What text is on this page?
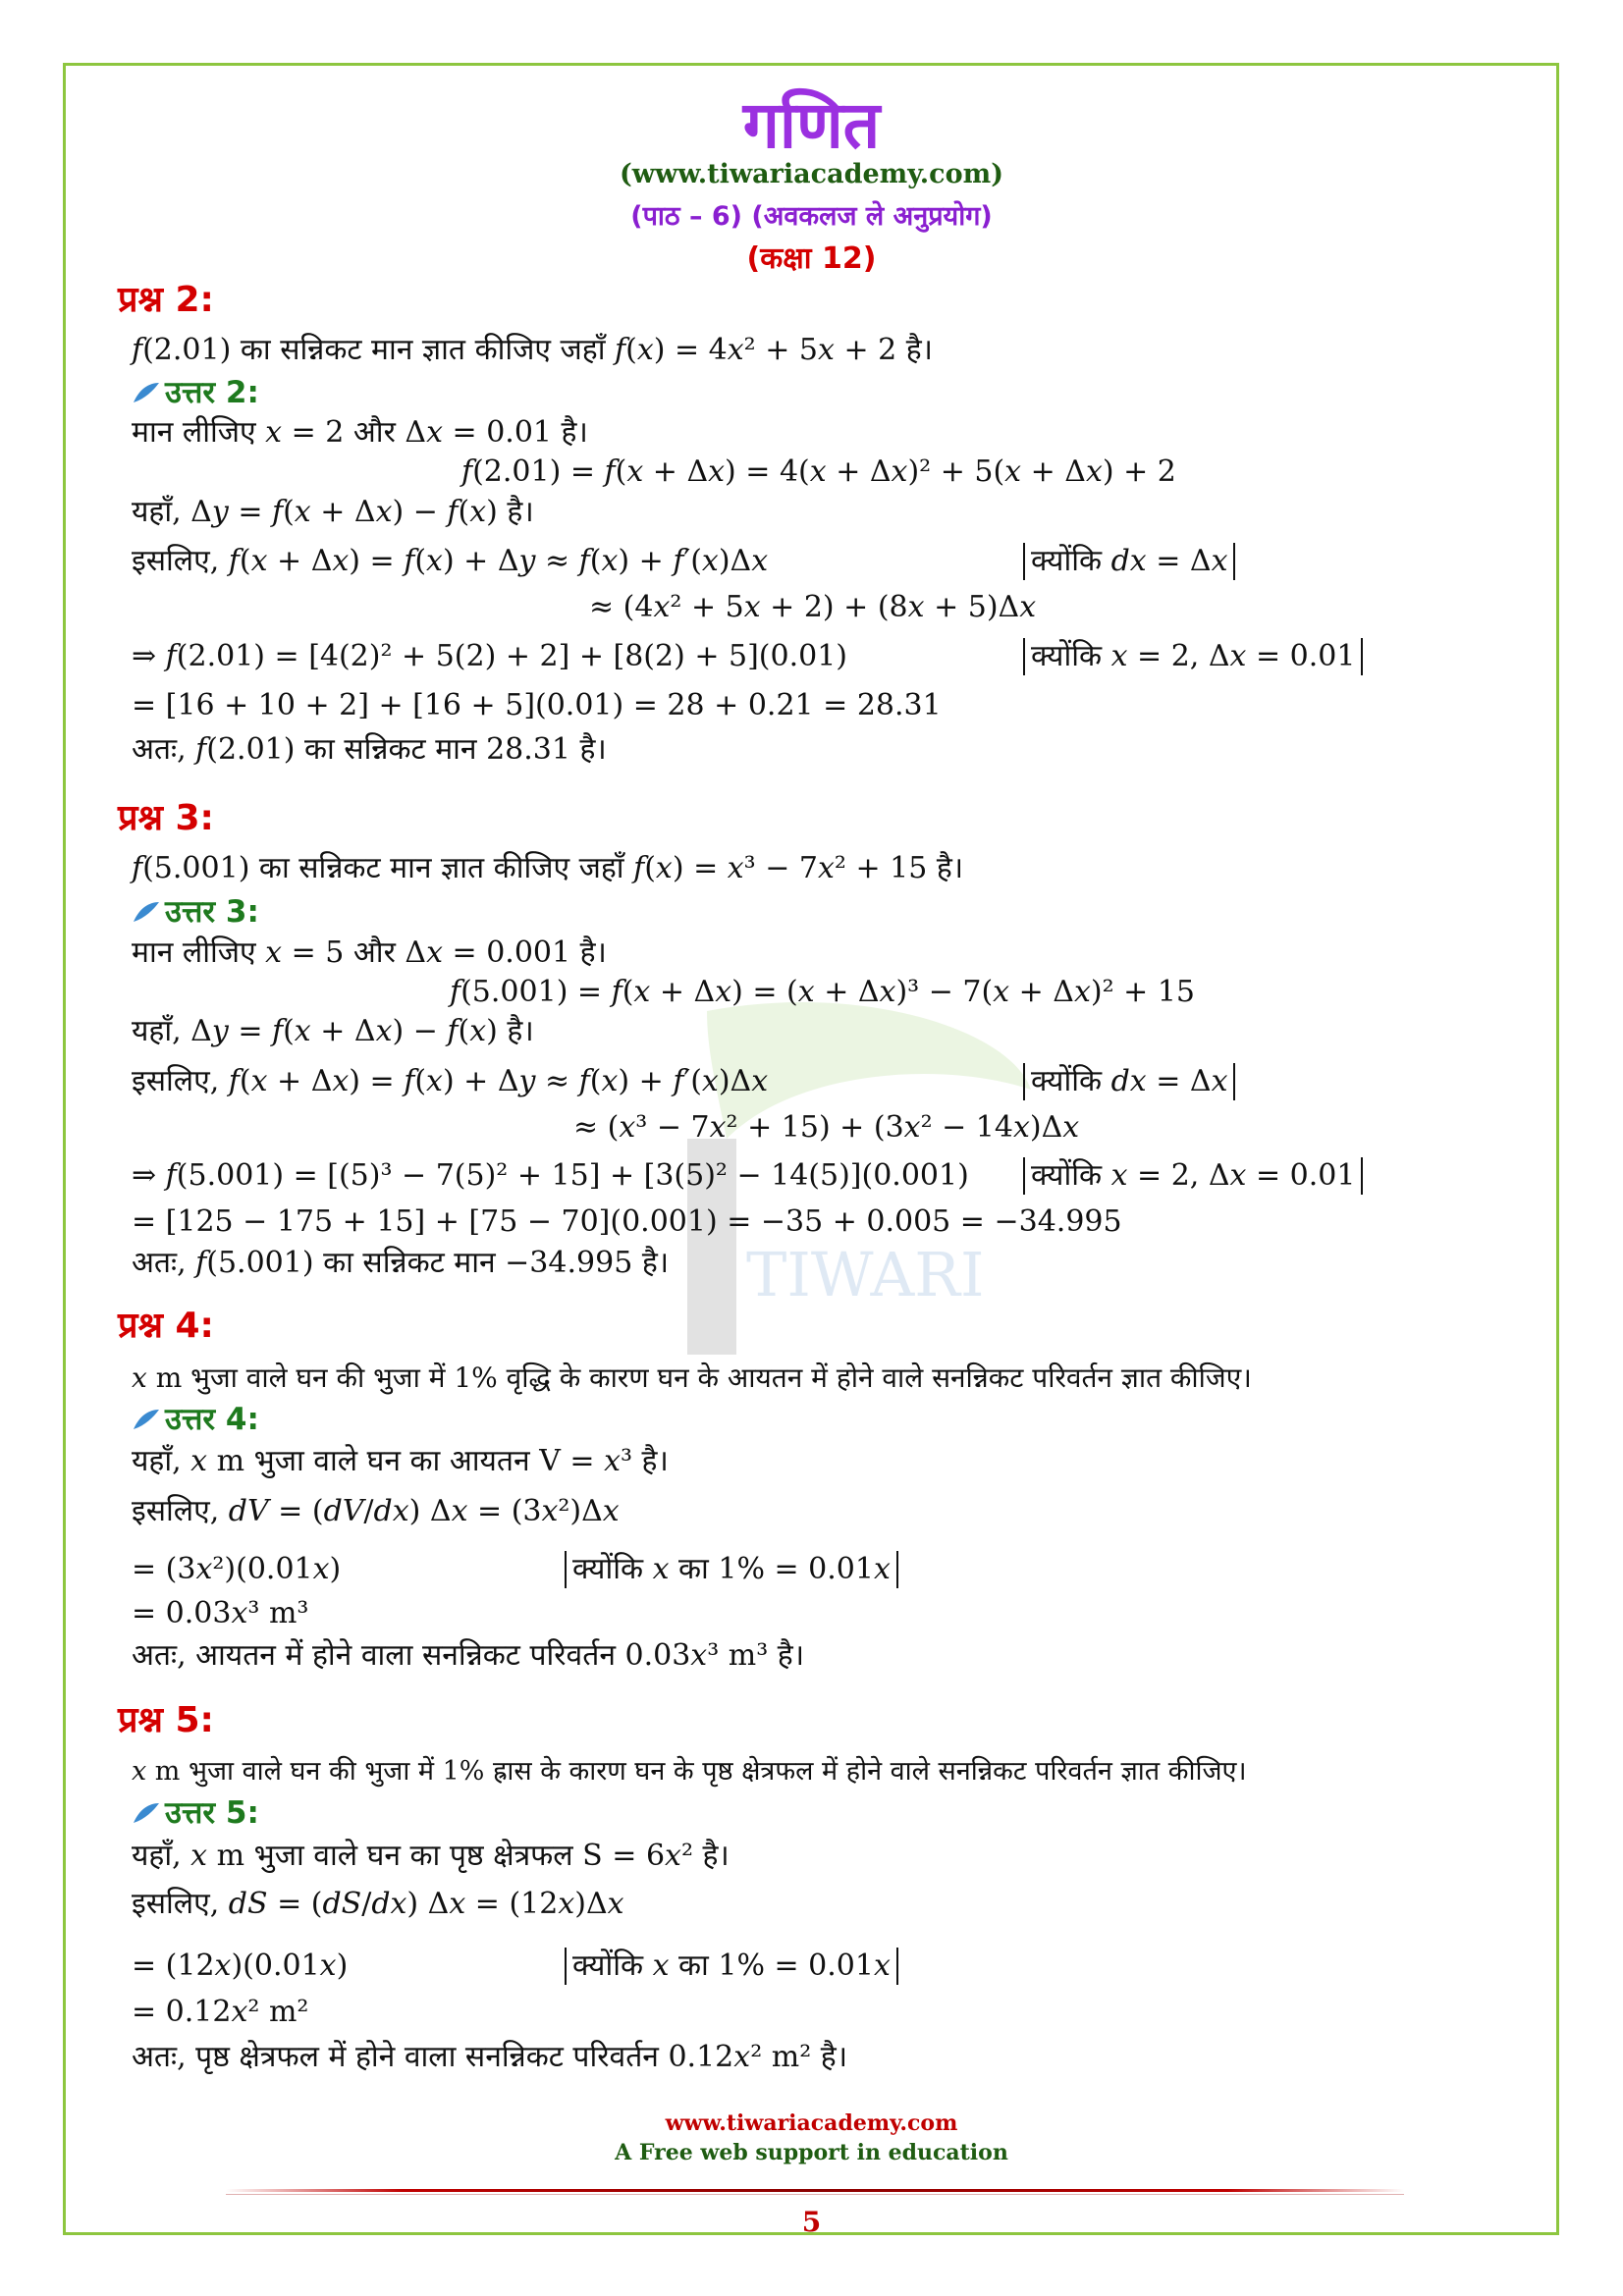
TIWARI
गणित
(www.tiwariacademy.com)
(पाठ – 6) (अवकलज ले अनुप्रयोग)
(कक्षा 12)
प्रश्न 2:
𝑓(2.01) का सन्निकट मान ज्ञात कीजिए जहाँ 𝑓(𝑥) = 4𝑥² + 5𝑥 + 2 है।
उत्तर 2:
मान लीजिए 𝑥 = 2 और Δ𝑥 = 0.01 है।
𝑓(2.01) = 𝑓(𝑥 + Δ𝑥) = 4(𝑥 + Δ𝑥)² + 5(𝑥 + Δ𝑥) + 2
यहाँ, Δ𝑦 = 𝑓(𝑥 + Δ𝑥) − 𝑓(𝑥) है।
इसलिए, 𝑓(𝑥 + Δ𝑥) = 𝑓(𝑥) + Δ𝑦 ≈ 𝑓(𝑥) + 𝑓′(𝑥)Δ𝑥	क्योंकि 𝑑𝑥 = Δ𝑥
≈ (4𝑥² + 5𝑥 + 2) + (8𝑥 + 5)Δ𝑥
⇒ 𝑓(2.01) = [4(2)² + 5(2) + 2] + [8(2) + 5](0.01)	क्योंकि 𝑥 = 2, Δ𝑥 = 0.01
= [16 + 10 + 2] + [16 + 5](0.01) = 28 + 0.21 = 28.31
अतः, 𝑓(2.01) का सन्निकट मान 28.31 है।
प्रश्न 3:
𝑓(5.001) का सन्निकट मान ज्ञात कीजिए जहाँ 𝑓(𝑥) = 𝑥³ − 7𝑥² + 15 है।
उत्तर 3:
मान लीजिए 𝑥 = 5 और Δ𝑥 = 0.001 है।
𝑓(5.001) = 𝑓(𝑥 + Δ𝑥) = (𝑥 + Δ𝑥)³ − 7(𝑥 + Δ𝑥)² + 15
यहाँ, Δ𝑦 = 𝑓(𝑥 + Δ𝑥) − 𝑓(𝑥) है।
इसलिए, 𝑓(𝑥 + Δ𝑥) = 𝑓(𝑥) + Δ𝑦 ≈ 𝑓(𝑥) + 𝑓′(𝑥)Δ𝑥	क्योंकि 𝑑𝑥 = Δ𝑥
≈ (𝑥³ − 7𝑥² + 15) + (3𝑥² − 14𝑥)Δ𝑥
⇒ 𝑓(5.001) = [(5)³ − 7(5)² + 15] + [3(5)² − 14(5)](0.001) क्योंकि 𝑥 = 2, Δ𝑥 = 0.01
= [125 − 175 + 15] + [75 − 70](0.001) = −35 + 0.005 = −34.995
अतः, 𝑓(5.001) का सन्निकट मान −34.995 है।
प्रश्न 4:
𝑥 m भुजा वाले घन की भुजा में 1% वृद्धि के कारण घन के आयतन में होने वाले सनन्निकट परिवर्तन ज्ञात कीजिए।
उत्तर 4:
यहाँ, 𝑥 m भुजा वाले घन का आयतन V = 𝑥³ है।
इसलिए, 𝑑𝑉 = (𝑑𝑉/𝑑𝑥) Δ𝑥 = (3𝑥²)Δ𝑥
= (3𝑥²)(0.01𝑥)	क्योंकि 𝑥 का 1% = 0.01𝑥
= 0.03𝑥³ m³
अतः, आयतन में होने वाला सनन्निकट परिवर्तन 0.03𝑥³ m³ है।
प्रश्न 5:
𝑥 m भुजा वाले घन की भुजा में 1% ह्रास के कारण घन के पृष्ठ क्षेत्रफल में होने वाले सनन्निकट परिवर्तन ज्ञात कीजिए।
उत्तर 5:
यहाँ, 𝑥 m भुजा वाले घन का पृष्ठ क्षेत्रफल S = 6𝑥² है।
इसलिए, 𝑑𝑆 = (𝑑𝑆/𝑑𝑥) Δ𝑥 = (12𝑥)Δ𝑥
= (12𝑥)(0.01𝑥)	क्योंकि 𝑥 का 1% = 0.01𝑥
= 0.12𝑥² m²
अतः, पृष्ठ क्षेत्रफल में होने वाला सनन्निकट परिवर्तन 0.12𝑥² m² है।
www.tiwariacademy.com
A Free web support in education
5
